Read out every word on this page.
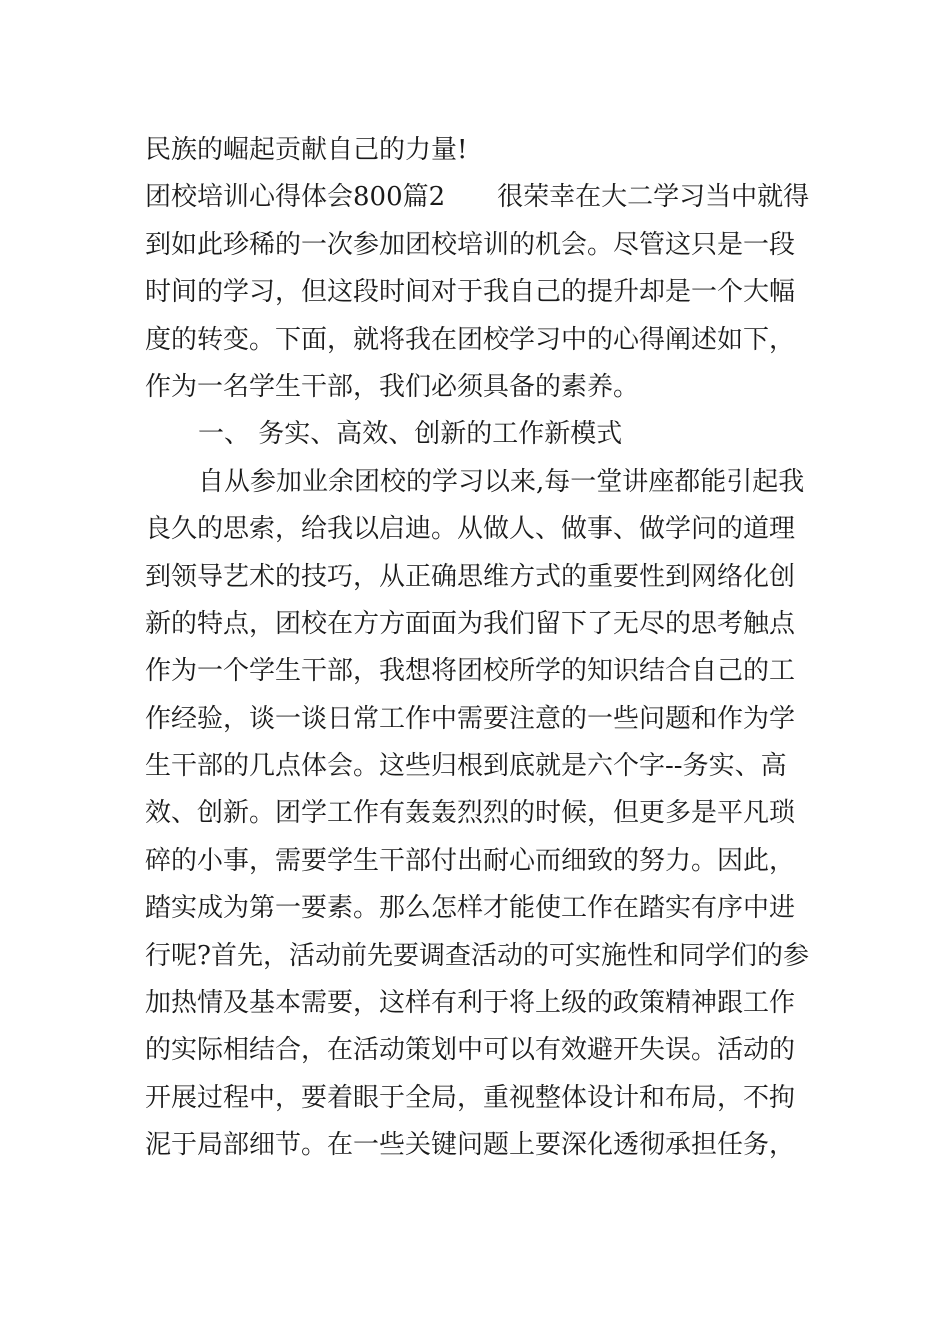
民族的崛起贡献自己的力量!
团校培训心得体会800篇2　　很荣幸在大二学习当中就得
到如此珍稀的一次参加团校培训的机会。尽管这只是一段
时间的学习，但这段时间对于我自己的提升却是一个大幅
度的转变。下面，就将我在团校学习中的心得阐述如下，
作为一名学生干部，我们必须具备的素养。
一、 务实、高效、创新的工作新模式
自从参加业余团校的学习以来,每一堂讲座都能引起我
良久的思索，给我以启迪。从做人、做事、做学问的道理
到领导艺术的技巧，从正确思维方式的重要性到网络化创
新的特点，团校在方方面面为我们留下了无尽的思考触点
作为一个学生干部，我想将团校所学的知识结合自己的工
作经验，谈一谈日常工作中需要注意的一些问题和作为学
生干部的几点体会。这些归根到底就是六个字--务实、高
效、创新。团学工作有轰轰烈烈的时候，但更多是平凡琐
碎的小事，需要学生干部付出耐心而细致的努力。因此，
踏实成为第一要素。那么怎样才能使工作在踏实有序中进
行呢?首先，活动前先要调查活动的可实施性和同学们的参
加热情及基本需要，这样有利于将上级的政策精神跟工作
的实际相结合，在活动策划中可以有效避开失误。活动的
开展过程中，要着眼于全局，重视整体设计和布局，不拘
泥于局部细节。在一些关键问题上要深化透彻承担任务，
